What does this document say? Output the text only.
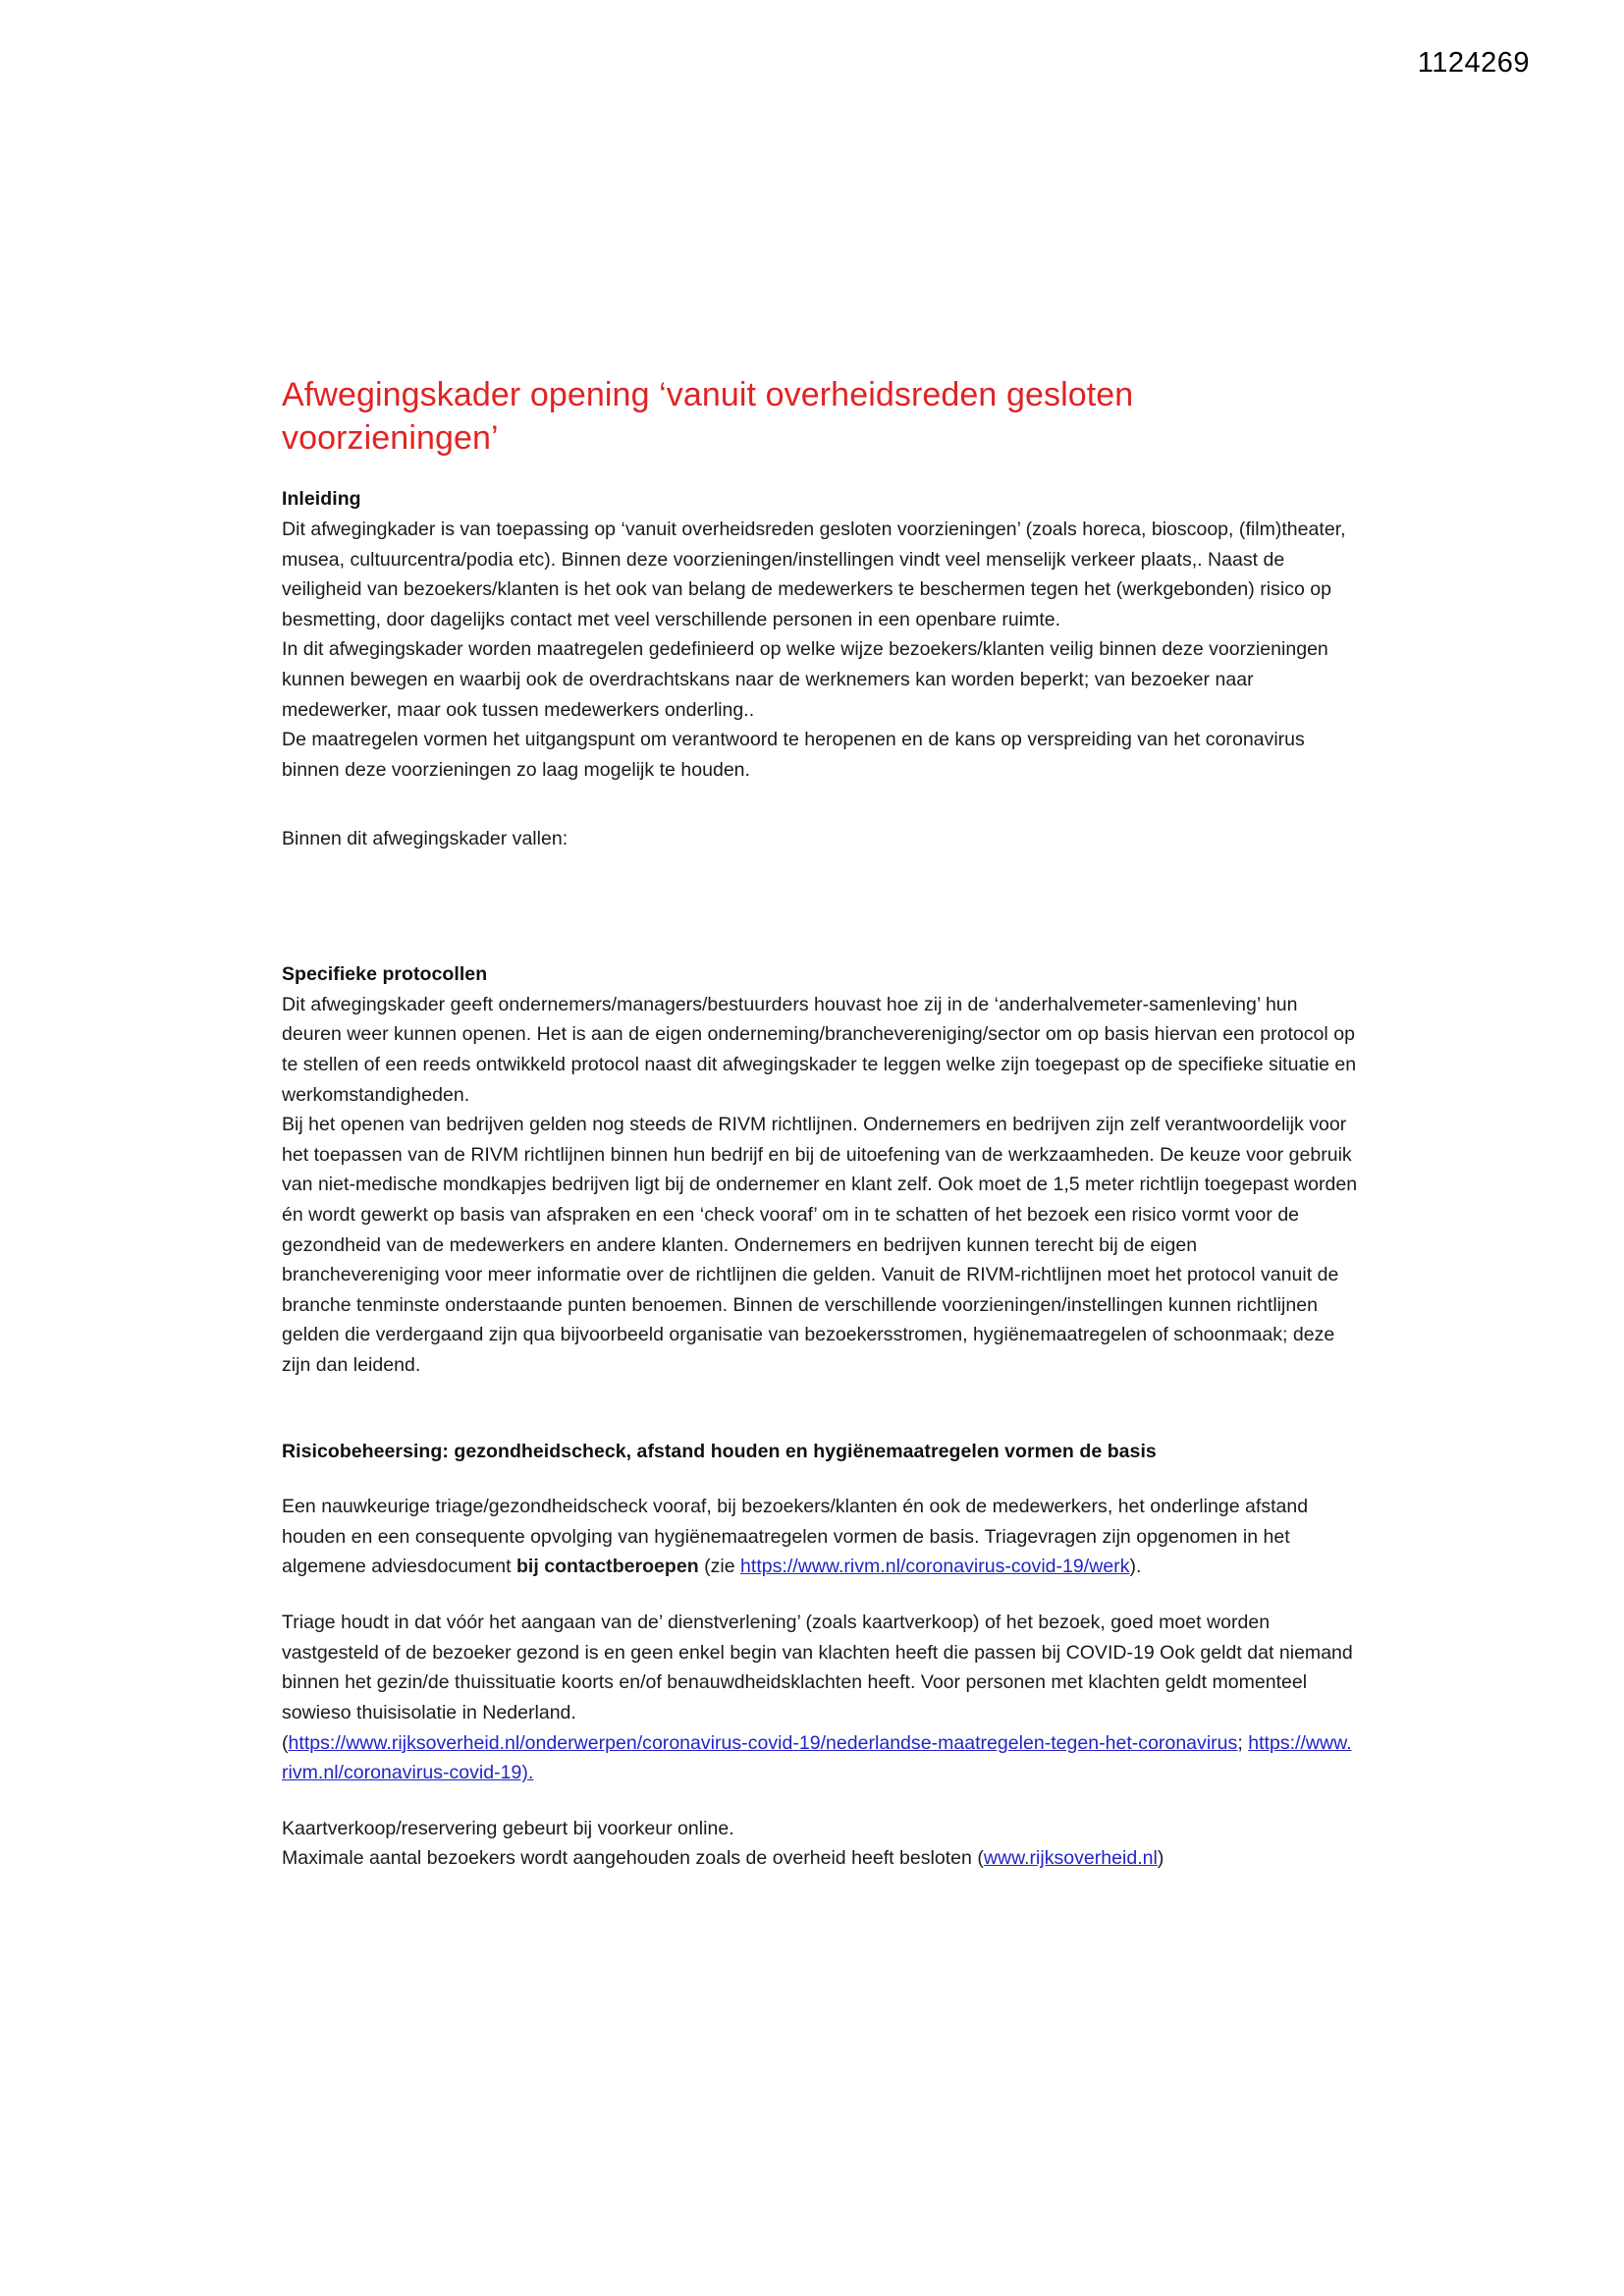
1124269
Afwegingskader opening ‘vanuit overheidsreden gesloten voorzieningen’
Inleiding

Dit afwegingkader is van toepassing op ‘vanuit overheidsreden gesloten voorzieningen’ (zoals horeca, bioscoop, (film)theater, musea, cultuurcentra/podia etc). Binnen deze voorzieningen/instellingen vindt veel menselijk verkeer plaats,. Naast de veiligheid van bezoekers/klanten is het ook van belang de medewerkers te beschermen tegen het (werkgebonden) risico op besmetting, door dagelijks contact met veel verschillende personen in een openbare ruimte.

In dit afwegingskader worden maatregelen gedefinieerd op welke wijze bezoekers/klanten veilig binnen deze voorzieningen kunnen bewegen en waarbij ook de overdrachtskans naar de werknemers kan worden beperkt; van bezoeker naar medewerker, maar ook tussen medewerkers onderling..

De maatregelen vormen het uitgangspunt om verantwoord te heropenen en de kans op verspreiding van het coronavirus binnen deze voorzieningen zo laag mogelijk te houden.

Binnen dit afwegingskader vallen:

Specifieke protocollen

Dit afwegingskader geeft ondernemers/managers/bestuurders houvast hoe zij in de ‘anderhalvemeter-samenleving’ hun deuren weer kunnen openen. Het is aan de eigen onderneming/branchevereniging/sector om op basis hiervan een protocol op te stellen of een reeds ontwikkeld protocol naast dit afwegingskader te leggen welke zijn toegepast op de specifieke situatie en werkomstandigheden.

Bij het openen van bedrijven gelden nog steeds de RIVM richtlijnen. Ondernemers en bedrijven zijn zelf verantwoordelijk voor het toepassen van de RIVM richtlijnen binnen hun bedrijf en bij de uitoefening van de werkzaamheden. De keuze voor gebruik van niet-medische mondkapjes bedrijven ligt bij de ondernemer en klant zelf. Ook moet de 1,5 meter richtlijn toegepast worden én wordt gewerkt op basis van afspraken en een ‘check vooraf’ om in te schatten of het bezoek een risico vormt voor de gezondheid van de medewerkers en andere klanten. Ondernemers en bedrijven kunnen terecht bij de eigen branchevereniging voor meer informatie over de richtlijnen die gelden. Vanuit de RIVM-richtlijnen moet het protocol vanuit de branche tenminste onderstaande punten benoemen. Binnen de verschillende voorzieningen/instellingen kunnen richtlijnen gelden die verdergaand zijn qua bijvoorbeeld organisatie van bezoekersstromen, hygiënemaatregelen of schoonmaak; deze zijn dan leidend.

Risicobeheersing: gezondheidscheck, afstand houden en hygiënemaatregelen vormen de basis

Een nauwkeurige triage/gezondheidscheck vooraf, bij bezoekers/klanten én ook de medewerkers, het onderlinge afstand houden en een consequente opvolging van hygiënemaatregelen vormen de basis. Triagevragen zijn opgenomen in het algemene adviesdocument bij contactberoepen (zie https://www.rivm.nl/coronavirus-covid-19/werk).

Triage houdt in dat vóór het aangaan van de’ dienstverlening’ (zoals kaartverkoop) of het bezoek, goed moet worden vastgesteld of de bezoeker gezond is en geen enkel begin van klachten heeft die passen bij COVID-19 Ook geldt dat niemand binnen het gezin/de thuissituatie koorts en/of benauwdheidsklachten heeft. Voor personen met klachten geldt momenteel sowieso thuisisolatie in Nederland.

(https://www.rijksoverheid.nl/onderwerpen/coronavirus-covid-19/nederlandse-maatregelen-tegen-het-coronavirus; https://www.rivm.nl/coronavirus-covid-19).

Kaartverkoop/reservering gebeurt bij voorkeur online.

Maximale aantal bezoekers wordt aangehouden zoals de overheid heeft besloten (www.rijksoverheid.nl)
